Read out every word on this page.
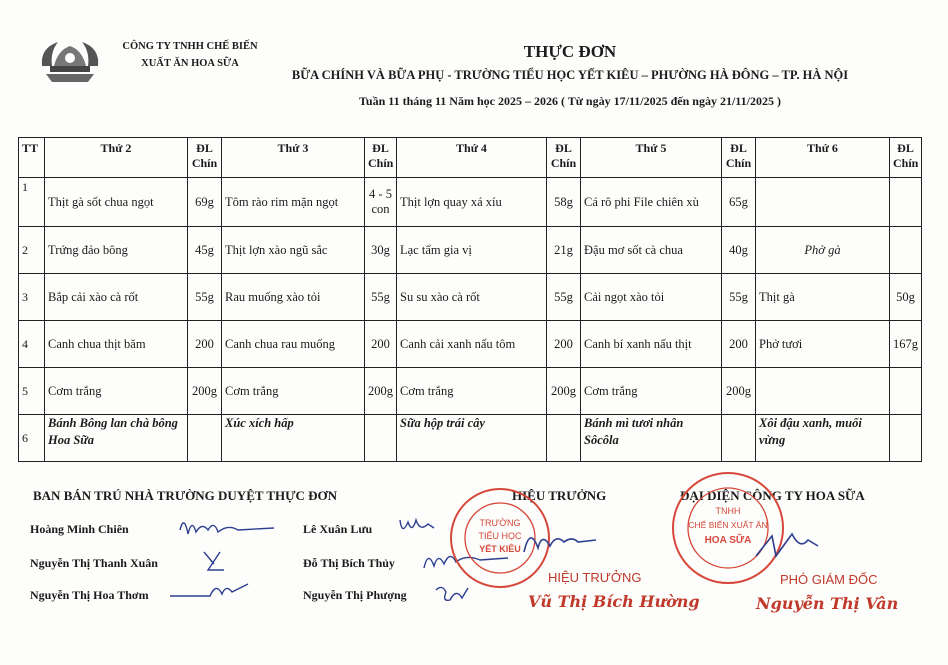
CÔNG TY TNHH CHẾ BIẾN
XUẤT ĂN HOA SỮA
THỰC ĐƠN
BỮA CHÍNH VÀ BỮA PHỤ - TRƯỜNG TIỂU HỌC YẾT KIÊU – PHƯỜNG HÀ ĐÔNG – TP. HÀ NỘI
Tuần 11 tháng 11 Năm học 2025 – 2026 ( Từ ngày 17/11/2025 đến ngày 21/11/2025 )
TT	Thứ 2	ĐL Chín	Thứ 3	ĐL Chín	Thứ 4	ĐL Chín	Thứ 5	ĐL Chín	Thứ 6	ĐL Chín
1	Thịt gà sốt chua ngọt	69g	Tôm rào rim mặn ngọt	4 - 5 con	Thịt lợn quay xá xíu	58g	Cá rô phi File chiên xù	65g		
2	Trứng đảo bông	45g	Thịt lợn xào ngũ sắc	30g	Lạc tẩm gia vị	21g	Đậu mơ sốt cà chua	40g	Phở gà	
3	Bắp cải xào cà rốt	55g	Rau muống xào tỏi	55g	Su su xào cà rốt	55g	Cải ngọt xào tỏi	55g	Thịt gà	50g
4	Canh chua thịt băm	200	Canh chua rau muống	200	Canh cải xanh nấu tôm	200	Canh bí xanh nấu thịt	200	Phở tươi	167g
5	Cơm trắng	200g	Cơm trắng	200g	Cơm trắng	200g	Cơm trắng	200g		
6	Bánh Bông lan chà bông Hoa Sữa		Xúc xích hấp		Sữa hộp trái cây		Bánh mì tươi nhân Sôcôla		Xôi đậu xanh, muối vừng	
BAN BÁN TRÚ NHÀ TRƯỜNG DUYỆT THỰC ĐƠN	HIỆU TRƯỞNG	ĐẠI DIỆN CÔNG TY HOA SỮA
Hoàng Minh Chiên	Lê Xuân Lưu
Nguyễn Thị Thanh Xuân	Đỗ Thị Bích Thủy
Nguyễn Thị Hoa Thơm	Nguyễn Thị Phượng
TRƯỜNG
TIỂU HỌC
YẾT KIÊU
HIỆU TRƯỞNG
Vũ Thị Bích Hường
TNHH
CHẾ BIẾN XUẤT ĂN
HOA SỮA
PHÓ GIÁM ĐỐC
Nguyễn Thị Vân
